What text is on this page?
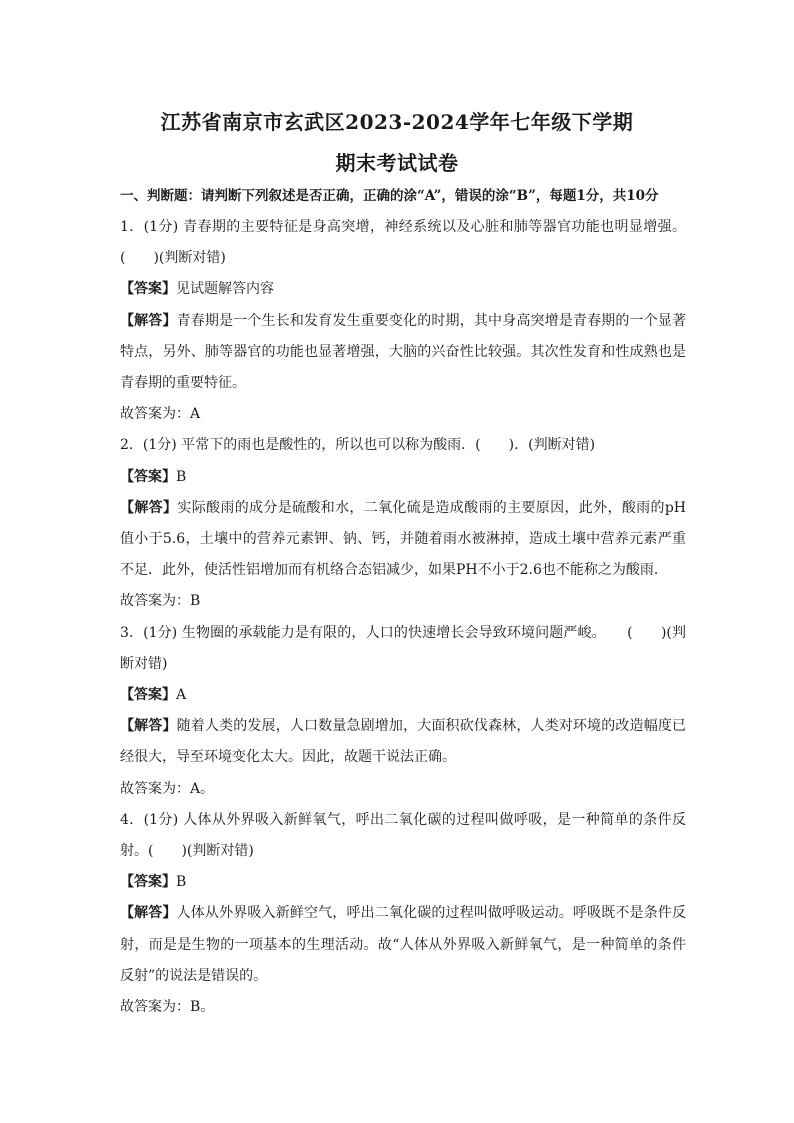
江苏省南京市玄武区2023-2024学年七年级下学期
期末考试试卷
一、判断题：请判断下列叙述是否正确，正确的涂“A”，错误的涂“B”，每题1分，共10分

1．(1分) 青春期的主要特征是身高突增，神经系统以及心脏和肺等器官功能也明显增强。(　　)(判断对错)

【答案】见试题解答内容

【解答】青春期是一个生长和发育发生重要变化的时期，其中身高突增是青春期的一个显著特点，另外、肺等器官的功能也显著增强，大脑的兴奋性比较强。其次性发育和性成熟也是青春期的重要特征。

故答案为：A

2．(1分) 平常下的雨也是酸性的，所以也可以称为酸雨．(　　)．(判断对错)

【答案】B

【解答】实际酸雨的成分是硫酸和水，二氧化硫是造成酸雨的主要原因，此外，酸雨的pH值小于5.6，土壤中的营养元素钾、钠、钙，并随着雨水被淋掉，造成土壤中营养元素严重不足．此外，使活性铝增加而有机络合态铝减少，如果PH不小于2.6也不能称之为酸雨．

故答案为：B

3．(1分) 生物圈的承载能力是有限的，人口的快速增长会导致环境问题严峻。　　(　　)(判断对错)

【答案】A

【解答】随着人类的发展，人口数量急剧增加，大面积砍伐森林，人类对环境的改造幅度已经很大，导至环境变化太大。因此，故题干说法正确。

故答案为：A。

4．(1分) 人体从外界吸入新鲜氧气，呼出二氧化碳的过程叫做呼吸，是一种简单的条件反射。(　　)(判断对错)

【答案】B

【解答】人体从外界吸入新鲜空气，呼出二氧化碳的过程叫做呼吸运动。呼吸既不是条件反射，而是是生物的一项基本的生理活动。故“人体从外界吸入新鲜氧气，是一种简单的条件反射”的说法是错误的。

故答案为：B。
